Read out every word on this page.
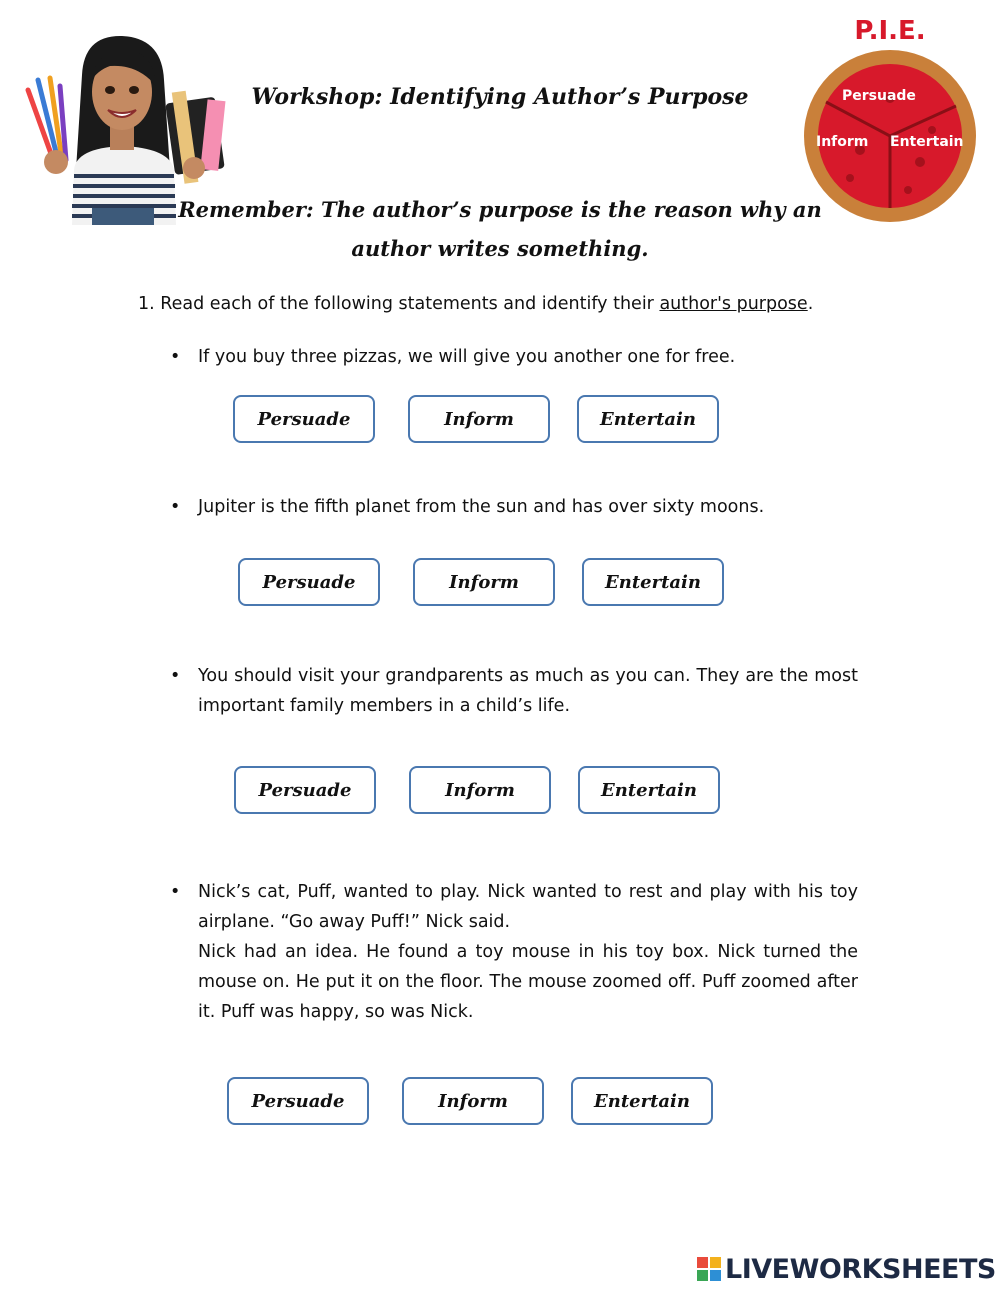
Workshop: Identifying Author’s Purpose
Remember: The author’s purpose is the reason why an author writes something.
P.I.E.
Persuade
Inform Entertain
1. Read each of the following statements and identify their author's purpose.
• If you buy three pizzas, we will give you another one for free.
Persuade	Inform	Entertain
• Jupiter is the fifth planet from the sun and has over sixty moons.
Persuade	Inform	Entertain
• You should visit your grandparents as much as you can. They are the most important family members in a child’s life.
Persuade	Inform	Entertain
• Nick’s cat, Puff, wanted to play. Nick wanted to rest and play with his toy airplane. “Go away Puff!” Nick said.
Nick had an idea. He found a toy mouse in his toy box. Nick turned the mouse on. He put it on the floor. The mouse zoomed off. Puff zoomed after it. Puff was happy, so was Nick.
Persuade	Inform	Entertain
LIVEWORKSHEETS
